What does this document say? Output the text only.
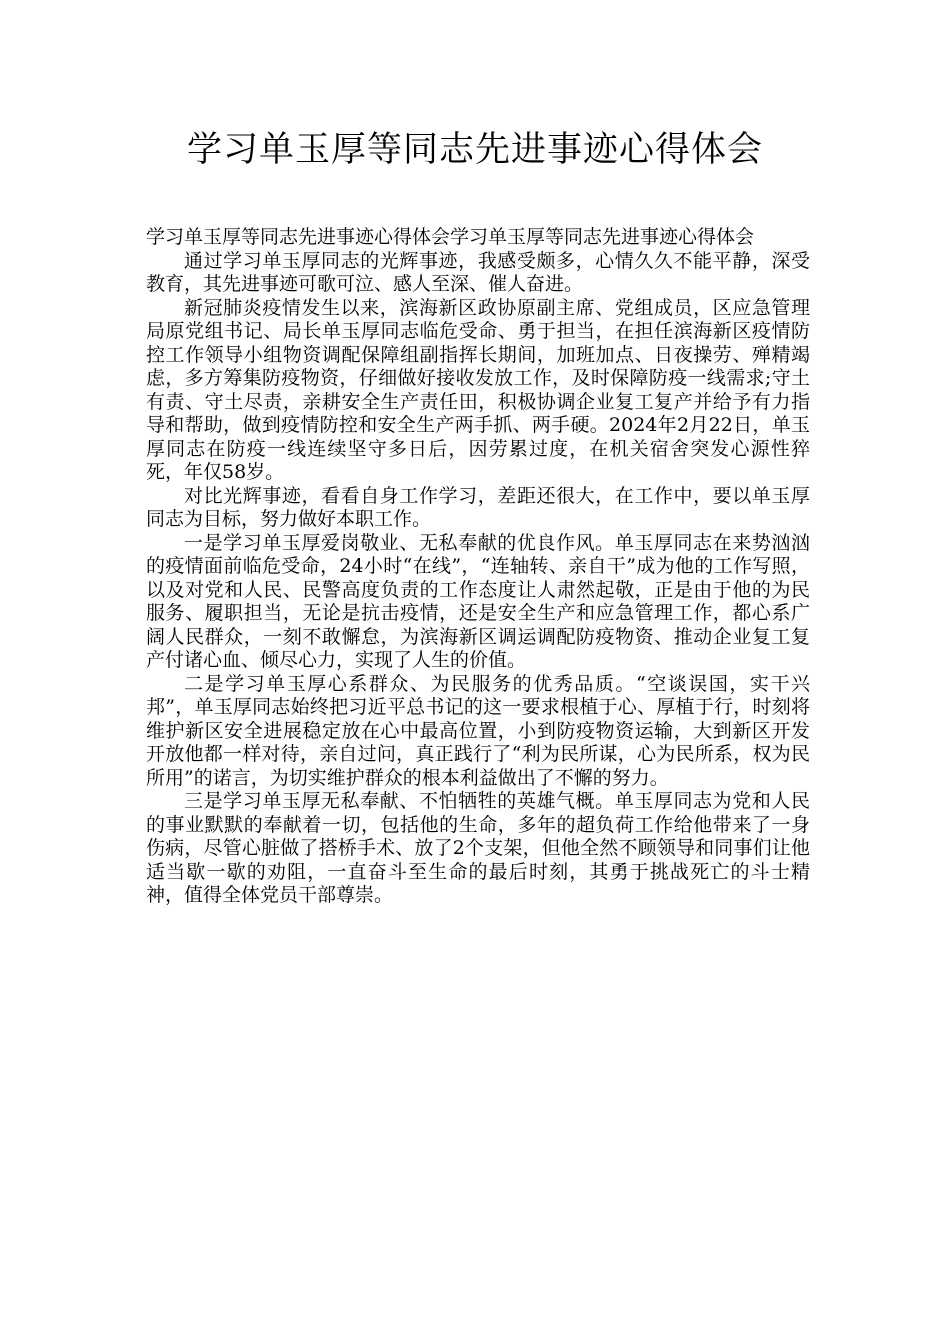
学习单玉厚等同志先进事迹心得体会

学习单玉厚等同志先进事迹心得体会学习单玉厚等同志先进事迹心得体会

通过学习单玉厚同志的光辉事迹，我感受颇多，心情久久不能平静，深受教育，其先进事迹可歌可泣、感人至深、催人奋进。

新冠肺炎疫情发生以来，滨海新区政协原副主席、党组成员，区应急管理局原党组书记、局长单玉厚同志临危受命、勇于担当，在担任滨海新区疫情防控工作领导小组物资调配保障组副指挥长期间，加班加点、日夜操劳、殚精竭虑，多方筹集防疫物资，仔细做好接收发放工作，及时保障防疫一线需求;守土有责、守土尽责，亲耕安全生产责任田，积极协调企业复工复产并给予有力指导和帮助，做到疫情防控和安全生产两手抓、两手硬。2024年2月22日，单玉厚同志在防疫一线连续坚守多日后，因劳累过度，在机关宿舍突发心源性猝死，年仅58岁。

对比光辉事迹，看看自身工作学习，差距还很大，在工作中，要以单玉厚同志为目标，努力做好本职工作。

一是学习单玉厚爱岗敬业、无私奉献的优良作风。单玉厚同志在来势汹汹的疫情面前临危受命，24小时“在线”，“连轴转、亲自干”成为他的工作写照，以及对党和人民、民警高度负责的工作态度让人肃然起敬，正是由于他的为民服务、履职担当，无论是抗击疫情，还是安全生产和应急管理工作，都心系广阔人民群众，一刻不敢懈怠，为滨海新区调运调配防疫物资、推动企业复工复产付诸心血、倾尽心力，实现了人生的价值。

二是学习单玉厚心系群众、为民服务的优秀品质。“空谈误国，实干兴邦”，单玉厚同志始终把习近平总书记的这一要求根植于心、厚植于行，时刻将维护新区安全进展稳定放在心中最高位置，小到防疫物资运输，大到新区开发开放他都一样对待，亲自过问，真正践行了“利为民所谋，心为民所系，权为民所用”的诺言，为切实维护群众的根本利益做出了不懈的努力。

三是学习单玉厚无私奉献、不怕牺牲的英雄气概。单玉厚同志为党和人民的事业默默的奉献着一切，包括他的生命，多年的超负荷工作给他带来了一身伤病，尽管心脏做了搭桥手术、放了2个支架，但他全然不顾领导和同事们让他适当歇一歇的劝阻，一直奋斗至生命的最后时刻，其勇于挑战死亡的斗士精神，值得全体党员干部尊崇。
